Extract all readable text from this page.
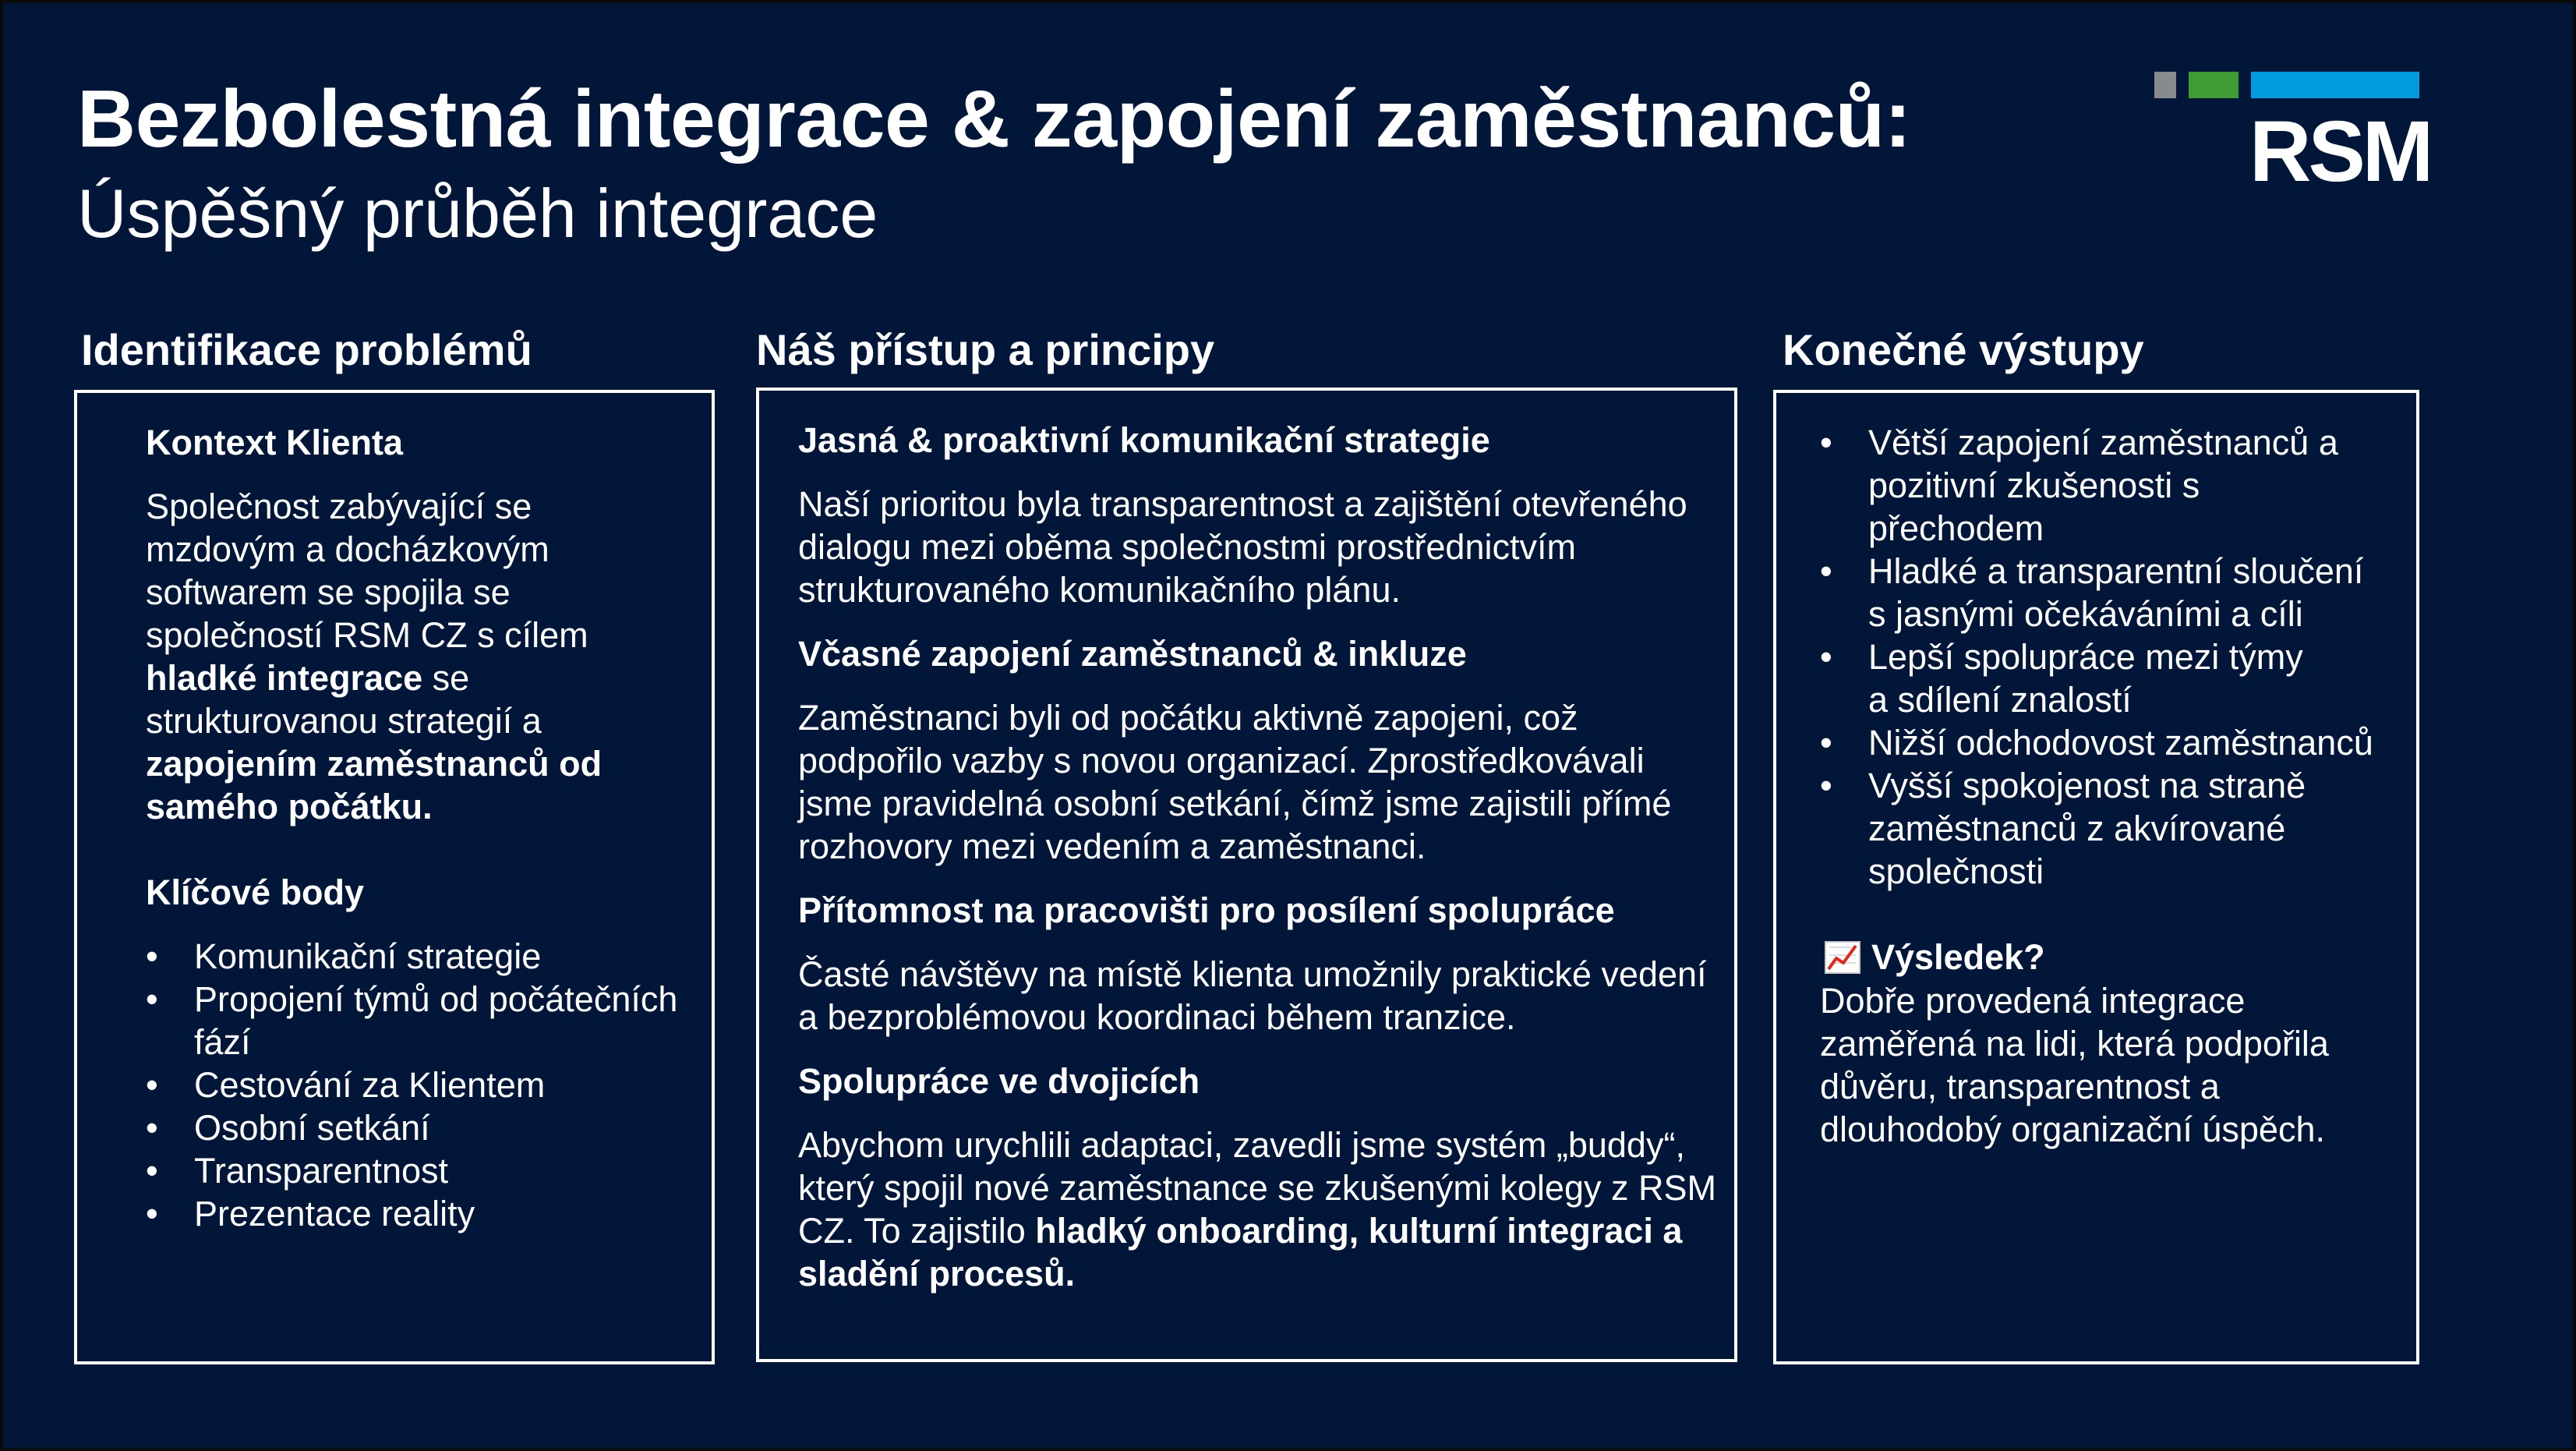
Bezbolestná integrace & zapojení zaměstnanců:
Úspěšný průběh integrace
RSM
Identifikace problémů

Kontext Klienta

Společnost zabývající se
mzdovým a docházkovým
softwarem se spojila se
společností RSM CZ s cílem
hladké integrace se
strukturovanou strategií a
zapojením zaměstnanců od
samého počátku.

Klíčové body

•	Komunikační strategie
•	Propojení týmů od počátečních
fází
•	Cestování za Klientem
•	Osobní setkání
•	Transparentnost
•	Prezentace reality
Náš přístup a principy

Jasná & proaktivní komunikační strategie

Naší prioritou byla transparentnost a zajištění otevřeného
dialogu mezi oběma společnostmi prostřednictvím
strukturovaného komunikačního plánu.

Včasné zapojení zaměstnanců & inkluze

Zaměstnanci byli od počátku aktivně zapojeni, což
podpořilo vazby s novou organizací. Zprostředkovávali
jsme pravidelná osobní setkání, čímž jsme zajistili přímé
rozhovory mezi vedením a zaměstnanci.

Přítomnost na pracovišti pro posílení spolupráce

Časté návštěvy na místě klienta umožnily praktické vedení
a bezproblémovou koordinaci během tranzice.

Spolupráce ve dvojicích

Abychom urychlili adaptaci, zavedli jsme systém „buddy“,
který spojil nové zaměstnance se zkušenými kolegy z RSM
CZ. To zajistilo hladký onboarding, kulturní integraci a
sladění procesů.
Konečné výstupy
•	Větší zapojení zaměstnanců a
pozitivní zkušenosti s
přechodem
•	Hladké a transparentní sloučení
s jasnými očekáváními a cíli
•	Lepší spolupráce mezi týmy
a sdílení znalostí
•	Nižší odchodovost zaměstnanců
•	Vyšší spokojenost na straně
zaměstnanců z akvírované
společnosti
Výsledek?
Dobře provedená integrace
zaměřená na lidi, která podpořila
důvěru, transparentnost a
dlouhodobý organizační úspěch.
